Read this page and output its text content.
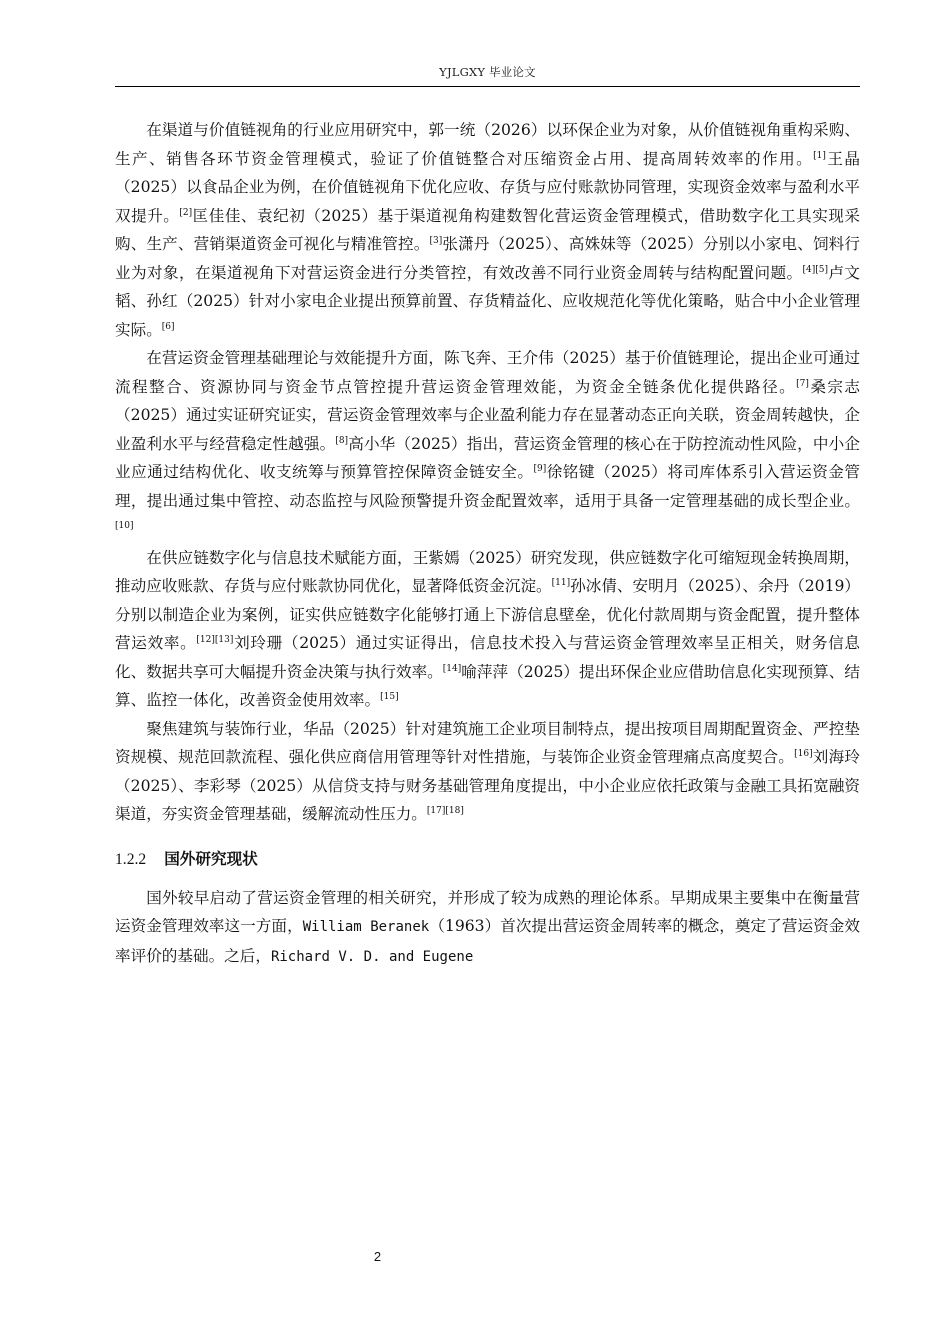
YJLGXY 毕业论文

在渠道与价值链视角的行业应用研究中，郭一统（2026）以环保企业为对象，从价值链视角重构采购、生产、销售各环节资金管理模式，验证了价值链整合对压缩资金占用、提高周转效率的作用。[1]王晶（2025）以食品企业为例，在价值链视角下优化应收、存货与应付账款协同管理，实现资金效率与盈利水平双提升。[2]匡佳佳、袁纪初（2025）基于渠道视角构建数智化营运资金管理模式，借助数字化工具实现采购、生产、营销渠道资金可视化与精准管控。[3]张潇丹（2025）、高姝妹等（2025）分别以小家电、饲料行业为对象，在渠道视角下对营运资金进行分类管控，有效改善不同行业资金周转与结构配置问题。[4][5]卢文韬、孙红（2025）针对小家电企业提出预算前置、存货精益化、应收规范化等优化策略，贴合中小企业管理实际。[6]

在营运资金管理基础理论与效能提升方面，陈飞奔、王介伟（2025）基于价值链理论，提出企业可通过流程整合、资源协同与资金节点管控提升营运资金管理效能，为资金全链条优化提供路径。[7]桑宗志（2025）通过实证研究证实，营运资金管理效率与企业盈利能力存在显著动态正向关联，资金周转越快，企业盈利水平与经营稳定性越强。[8]高小华（2025）指出，营运资金管理的核心在于防控流动性风险，中小企业应通过结构优化、收支统筹与预算管控保障资金链安全。[9]徐铭键（2025）将司库体系引入营运资金管理，提出通过集中管控、动态监控与风险预警提升资金配置效率，适用于具备一定管理基础的成长型企业。[10]

在供应链数字化与信息技术赋能方面，王紫嫣（2025）研究发现，供应链数字化可缩短现金转换周期，推动应收账款、存货与应付账款协同优化，显著降低资金沉淀。[11]孙冰倩、安明月（2025）、余丹（2019）分别以制造企业为案例，证实供应链数字化能够打通上下游信息壁垒，优化付款周期与资金配置，提升整体营运效率。[12][13]刘玲珊（2025）通过实证得出，信息技术投入与营运资金管理效率呈正相关，财务信息化、数据共享可大幅提升资金决策与执行效率。[14]喻萍萍（2025）提出环保企业应借助信息化实现预算、结算、监控一体化，改善资金使用效率。[15]

聚焦建筑与装饰行业，华品（2025）针对建筑施工企业项目制特点，提出按项目周期配置资金、严控垫资规模、规范回款流程、强化供应商信用管理等针对性措施，与装饰企业资金管理痛点高度契合。[16]刘海玲（2025）、李彩琴（2025）从信贷支持与财务基础管理角度提出，中小企业应依托政策与金融工具拓宽融资渠道，夯实资金管理基础，缓解流动性压力。[17][18]

1.2.2 国外研究现状

国外较早启动了营运资金管理的相关研究，并形成了较为成熟的理论体系。早期成果主要集中在衡量营运资金管理效率这一方面，William Beranek（1963）首次提出营运资金周转率的概念，奠定了营运资金效率评价的基础。之后，Richard V. D. and Eugene

2
